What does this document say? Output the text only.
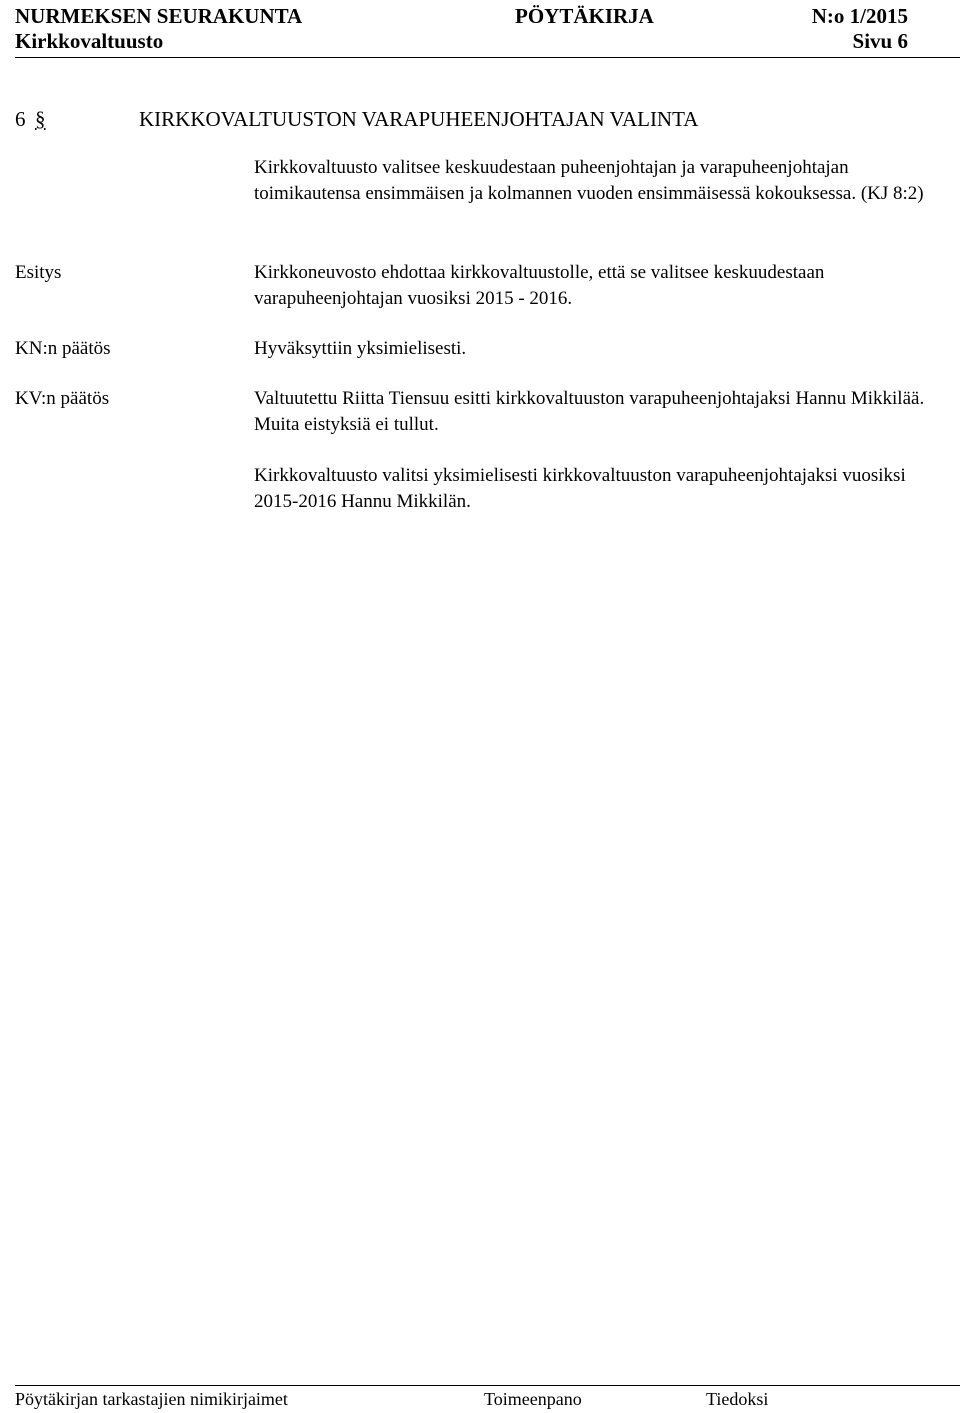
NURMEKSEN SEURAKUNTA	PÖYTÄKIRJA	N:o 1/2015
Kirkkovaltuusto	Sivu 6
6 §	KIRKKOVALTUUSTON VARAPUHEENJOHTAJAN VALINTA

Kirkkovaltuusto valitsee keskuudestaan puheenjohtajan ja varapuheenjohtajan toimikautensa ensimmäisen ja kolmannen vuoden ensimmäisessä kokouksessa. (KJ 8:2)

Esitys	Kirkkoneuvosto ehdottaa kirkkovaltuustolle, että se valitsee keskuudestaan varapuheenjohtajan vuosiksi 2015 - 2016.

KN:n päätös	Hyväksyttiin yksimielisesti.

KV:n päätös	Valtuutettu Riitta Tiensuu esitti kirkkovaltuuston varapuheenjohtajaksi Hannu Mikkilää. Muita eistyksiä ei tullut.

Kirkkovaltuusto valitsi yksimielisesti kirkkovaltuuston varapuheenjohtajaksi vuosiksi 2015-2016 Hannu Mikkilän.

Pöytäkirjan tarkastajien nimikirjaimet	Toimeenpano	Tiedoksi
